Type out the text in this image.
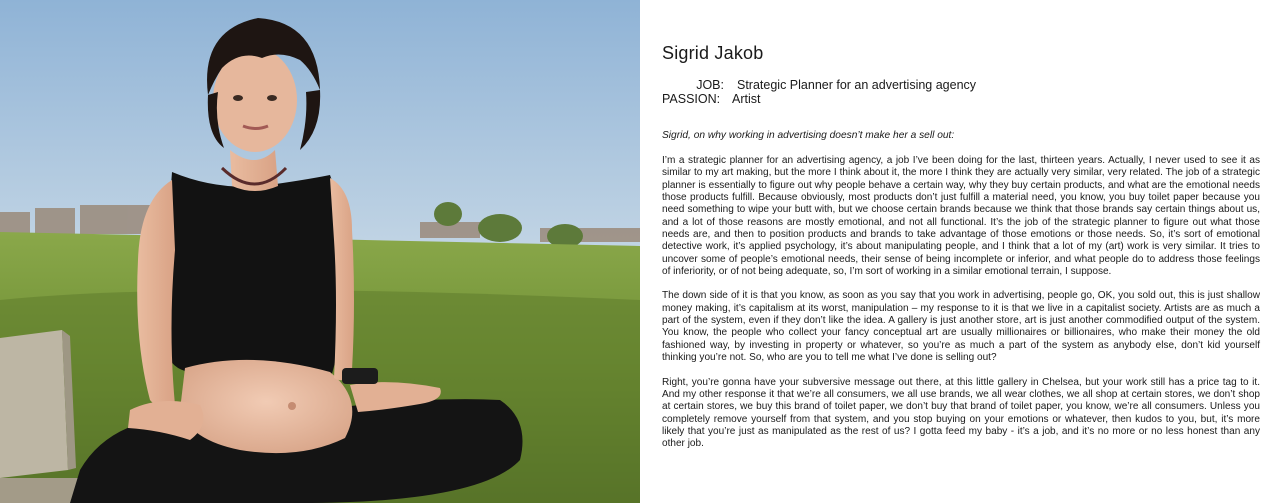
Sigrid Jakob
JOB:	Strategic Planner for an advertising agency
PASSION: Artist
Sigrid, on why working in advertising doesn’t make her a sell out:

I’m a strategic planner for an advertising agency, a job I’ve been doing for the last, thirteen years. Actually, I never used to see it as similar to my art making, but the more I think about it, the more I think they are actually very similar, very related. The job of a strategic planner is essentially to figure out why people behave a certain way, why they buy certain products, and what are the emotional needs those products fulfill. Because obviously, most products don’t just fulfill a material need, you know, you buy toilet paper because you need something to wipe your butt with, but we choose certain brands because we think that those brands say certain things about us, and a lot of those reasons are mostly emotional, and not all functional. It’s the job of the strategic planner to figure out what those needs are, and then to position products and brands to take advantage of those emotions or those needs. So, it’s sort of emotional detective work, it’s applied psychology, it’s about manipulating people, and I think that a lot of my (art) work is very similar. It tries to uncover some of people’s emotional needs, their sense of being incomplete or inferior, and what people do to address those feelings of inferiority, or of not being adequate, so, I’m sort of working in a similar emotional terrain, I suppose.

The down side of it is that you know, as soon as you say that you work in advertising, people go, OK, you sold out, this is just shallow money making, it’s capitalism at its worst, manipulation – my response to it is that we live in a capitalist society. Artists are as much a part of the system, even if they don’t like the idea. A gallery is just another store, art is just another commodified output of the system. You know, the people who collect your fancy conceptual art are usually millionaires or billionaires, who make their money the old fashioned way, by investing in property or whatever, so you’re as much a part of the system as anybody else, don’t kid yourself thinking you’re not. So, who are you to tell me what I’ve done is selling out?

Right, you’re gonna have your subversive message out there, at this little gallery in Chelsea, but your work still has a price tag to it. And my other response it that we’re all consumers, we all use brands, we all wear clothes, we all shop at certain stores, we don’t shop at certain stores, we buy this brand of toilet paper, we don’t buy that brand of toilet paper, you know, we’re all consumers. Unless you completely remove yourself from that system, and you stop buying on your emotions or whatever, then kudos to you, but, it’s more likely that you’re just as manipulated as the rest of us? I gotta feed my baby - it’s a job, and it’s no more or no less honest than any other job.
